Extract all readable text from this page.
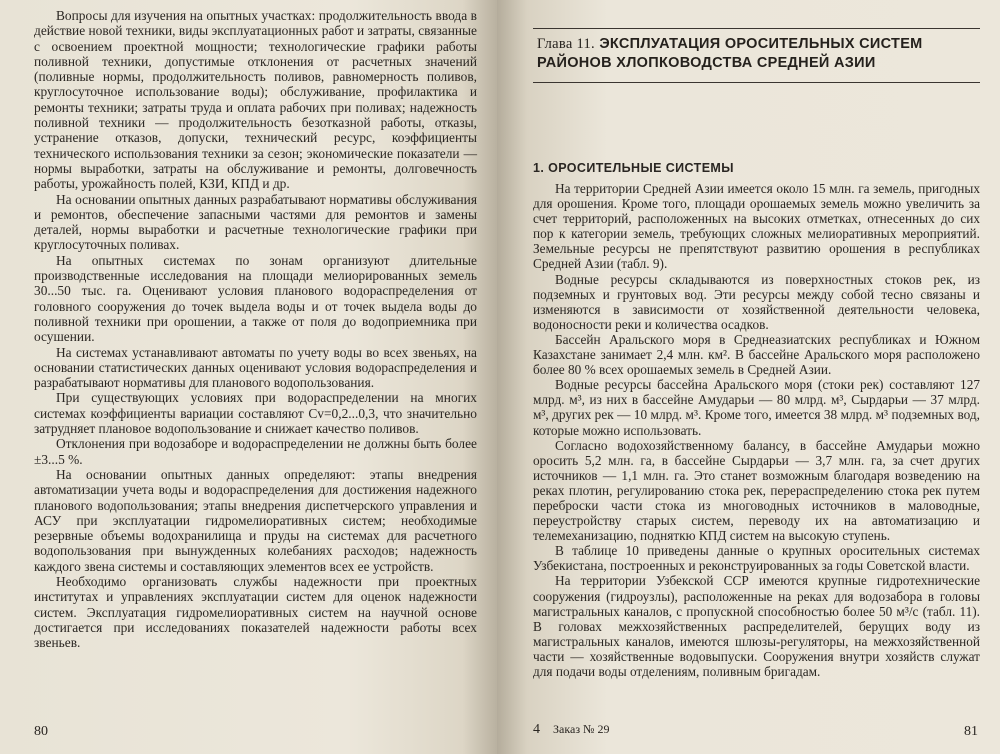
Вопросы для изучения на опытных участках: продолжительность ввода в действие новой техники, виды эксплуатационных работ и затраты, связанные с освоением проектной мощности; технологические графики работы поливной техники, допустимые отклонения от расчетных значений (поливные нормы, продолжительность поливов, равномерность поливов, круглосуточное использование воды); обслуживание, профилактика и ремонты техники; затраты труда и оплата рабочих при поливах; надежность поливной техники — продолжительность безотказной работы, отказы, устранение отказов, допуски, технический ресурс, коэффициенты технического использования техники за сезон; экономические показатели — нормы выработки, затраты на обслуживание и ремонты, долговечность работы, урожайность полей, КЗИ, КПД и др.

На основании опытных данных разрабатывают нормативы обслуживания и ремонтов, обеспечение запасными частями для ремонтов и замены деталей, нормы выработки и расчетные технологические графики при круглосуточных поливах.

На опытных системах по зонам организуют длительные производственные исследования на площади мелиорированных земель 30...50 тыс. га. Оценивают условия планового водораспределения от головного сооружения до точек выдела воды и от точек выдела воды до поливной техники при орошении, а также от поля до водоприемника при осушении.

На системах устанавливают автоматы по учету воды во всех звеньях, на основании статистических данных оценивают условия водораспределения и разрабатывают нормативы для планового водопользования.

При существующих условиях при водораспределении на многих системах коэффициенты вариации составляют Cv=0,2...0,3, что значительно затрудняет плановое водопользование и снижает качество поливов.

Отклонения при водозаборе и водораспределении не должны быть более ±3...5 %.

На основании опытных данных определяют: этапы внедрения автоматизации учета воды и водораспределения для достижения надежного планового водопользования; этапы внедрения диспетчерского управления и АСУ при эксплуатации гидромелиоративных систем; необходимые резервные объемы водохранилища и пруды на системах для расчетного водопользования при вынужденных колебаниях расходов; надежность каждого звена системы и составляющих элементов всех ее устройств.

Необходимо организовать службы надежности при проектных институтах и управлениях эксплуатации систем для оценок надежности систем. Эксплуатация гидромелиоративных систем на научной основе достигается при исследованиях показателей надежности работы всех звеньев.

80
Глава 11. ЭКСПЛУАТАЦИЯ ОРОСИТЕЛЬНЫХ СИСТЕМ РАЙОНОВ ХЛОПКОВОДСТВА СРЕДНЕЙ АЗИИ
1. ОРОСИТЕЛЬНЫЕ СИСТЕМЫ

На территории Средней Азии имеется около 15 млн. га земель, пригодных для орошения. Кроме того, площади орошаемых земель можно увеличить за счет территорий, расположенных на высоких отметках, отнесенных до сих пор к категории земель, требующих сложных мелиоративных мероприятий. Земельные ресурсы не препятствуют развитию орошения в республиках Средней Азии (табл. 9).

Водные ресурсы складываются из поверхностных стоков рек, из подземных и грунтовых вод. Эти ресурсы между собой тесно связаны и изменяются в зависимости от хозяйственной деятельности человека, водоносности реки и количества осадков.

Бассейн Аральского моря в Среднеазиатских республиках и Южном Казахстане занимает 2,4 млн. км². В бассейне Аральского моря расположено более 80 % всех орошаемых земель в Средней Азии.

Водные ресурсы бассейна Аральского моря (стоки рек) составляют 127 млрд. м³, из них в бассейне Амударьи — 80 млрд. м³, Сырдарьи — 37 млрд. м³, других рек — 10 млрд. м³. Кроме того, имеется 38 млрд. м³ подземных вод, которые можно использовать.

Согласно водохозяйственному балансу, в бассейне Амударьи можно оросить 5,2 млн. га, в бассейне Сырдарьи — 3,7 млн. га, за счет других источников — 1,1 млн. га. Это станет возможным благодаря возведению на реках плотин, регулированию стока рек, перераспределению стока рек путем переброски части стока из многоводных источников в маловодные, переустройству старых систем, переводу их на автоматизацию и телемеханизацию, подняткю КПД систем на высокую ступень.

В таблице 10 приведены данные о крупных оросительных системах Узбекистана, построенных и реконструированных за годы Советской власти.

На территории Узбекской ССР имеются крупные гидротехнические сооружения (гидроузлы), расположенные на реках для водозабора в головы магистральных каналов, с пропускной способностью более 50 м³/с (табл. 11). В головах межхозяйственных распределителей, берущих воду из магистральных каналов, имеются шлюзы-регуляторы, на межхозяйственной части — хозяйственные водовыпуски. Сооружения внутри хозяйств служат для подачи воды отделениям, поливным бригадам.

4 Заказ № 29	81
